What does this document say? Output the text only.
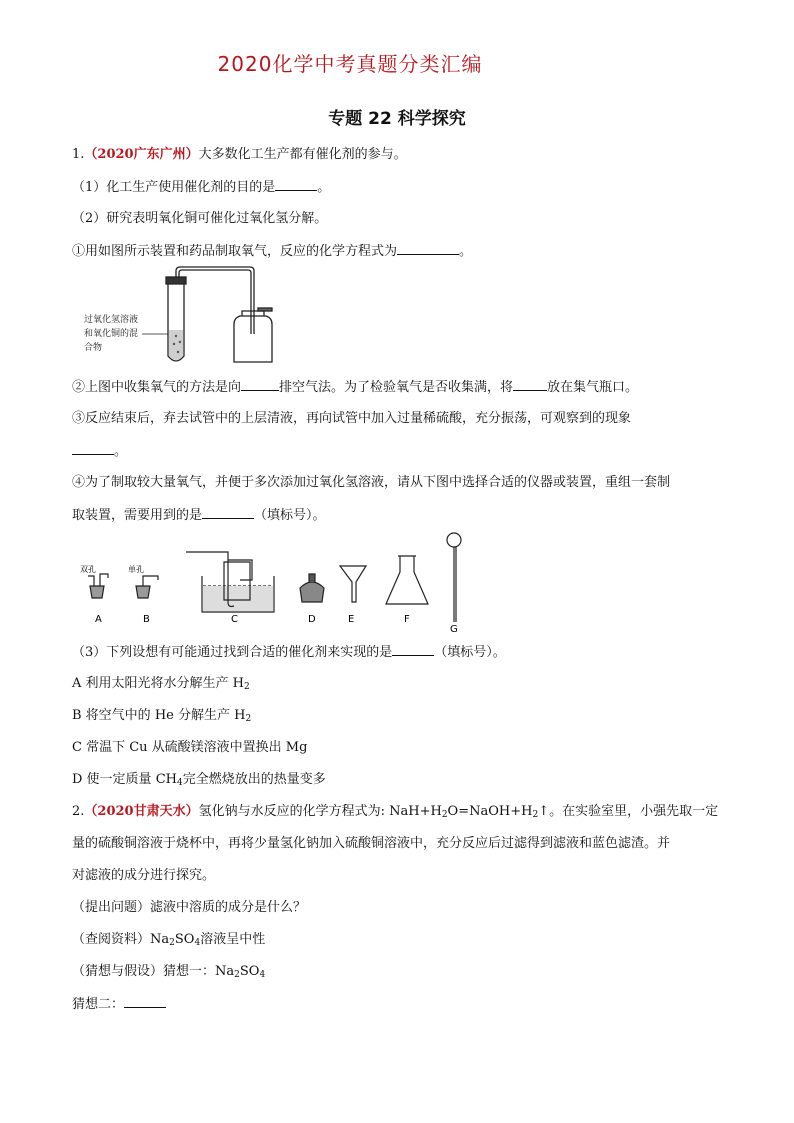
2020化学中考真题分类汇编
专题 22 科学探究
1.（2020广东广州）大多数化工生产都有催化剂的参与。
（1）化工生产使用催化剂的目的是	。
（2）研究表明氧化铜可催化过氧化氢分解。
①用如图所示装置和药品制取氧气，反应的化学方程式为	。
过氧化氢溶液
和氧化铜的混
合物
②上图中收集氧气的方法是向	排空气法。为了检验氧气是否收集满，将	放在集气瓶口。
③反应结束后，弃去试管中的上层清液，再向试管中加入过量稀硫酸，充分振荡，可观察到的现象
。
④为了制取较大量氧气，并便于多次添加过氧化氢溶液，请从下图中选择合适的仪器或装置，重组一套制
取装置，需要用到的是	（填标号）。
双孔	单孔
A	B	C	D	E	F
G
（3）下列设想有可能通过找到合适的催化剂来实现的是	（填标号）。
A 利用太阳光将水分解生产 $H_2$
B 将空气中的 He 分解生产 $H_2$
C 常温下 Cu 从硫酸镁溶液中置换出 Mg
D 使一定质量 $CH_4$完全燃烧放出的热量变多
2.（2020甘肃天水）氢化钠与水反应的化学方程式为: $NaH+H_2O=NaOH+H_2↑$。在实验室里，小强先取一定
量的硫酸铜溶液于烧杯中，再将少量氢化钠加入硫酸铜溶液中，充分反应后过滤得到滤液和蓝色滤渣。并
对滤液的成分进行探究。
（提出问题）滤液中溶质的成分是什么？
（查阅资料）$Na_2SO_4$溶液呈中性
（猜想与假设）猜想一：$Na_2SO_4$
猜想二：
